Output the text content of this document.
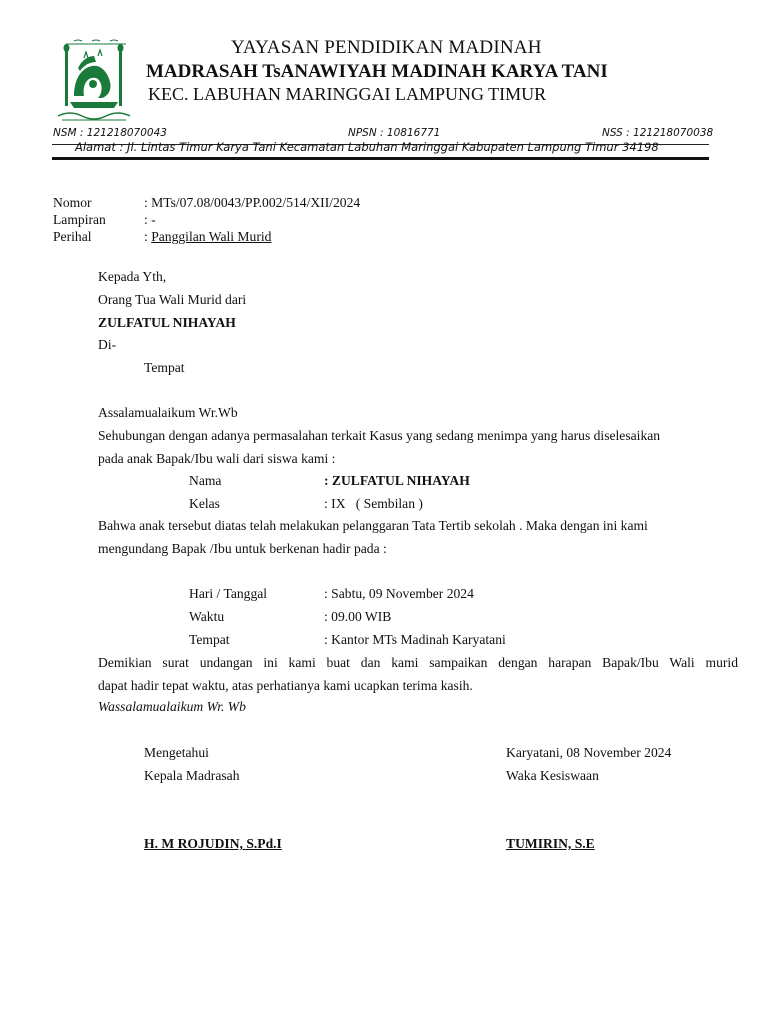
YAYASAN PENDIDIKAN MADINAH
MADRASAH TsANAWIYAH MADINAH KARYA TANI
KEC. LABUHAN MARINGGAI LAMPUNG TIMUR
NSM : 121218070043	NPSN : 10816771	NSS : 121218070038
Alamat : Jl. Lintas Timur Karya Tani Kecamatan Labuhan Maringgai Kabupaten Lampung Timur 34198
Nomor	: MTs/07.08/0043/PP.002/514/XII/2024
Lampiran	: -
Perihal	: Panggilan Wali Murid
Kepada Yth,
Orang Tua Wali Murid dari
ZULFATUL NIHAYAH
Di-
Tempat
Assalamualaikum Wr.Wb
Sehubungan dengan adanya permasalahan terkait Kasus yang sedang menimpa yang harus diselesaikan
pada anak Bapak/Ibu wali dari siswa kami :
Nama	: ZULFATUL NIHAYAH
Kelas	: IX   ( Sembilan )
Bahwa anak tersebut diatas telah melakukan pelanggaran Tata Tertib sekolah . Maka dengan ini kami
mengundang Bapak /Ibu untuk berkenan hadir pada :
Hari / Tanggal	: Sabtu, 09 November 2024
Waktu	: 09.00 WIB
Tempat	: Kantor MTs Madinah Karyatani
Demikian surat undangan ini kami buat dan kami sampaikan dengan harapan Bapak/Ibu Wali murid
dapat hadir tepat waktu, atas perhatianya kami ucapkan terima kasih.
Wassalamualaikum Wr. Wb
Mengetahui
Kepala Madrasah
H. M ROJUDIN, S.Pd.I
Karyatani, 08 November 2024
Waka Kesiswaan
TUMIRIN, S.E
